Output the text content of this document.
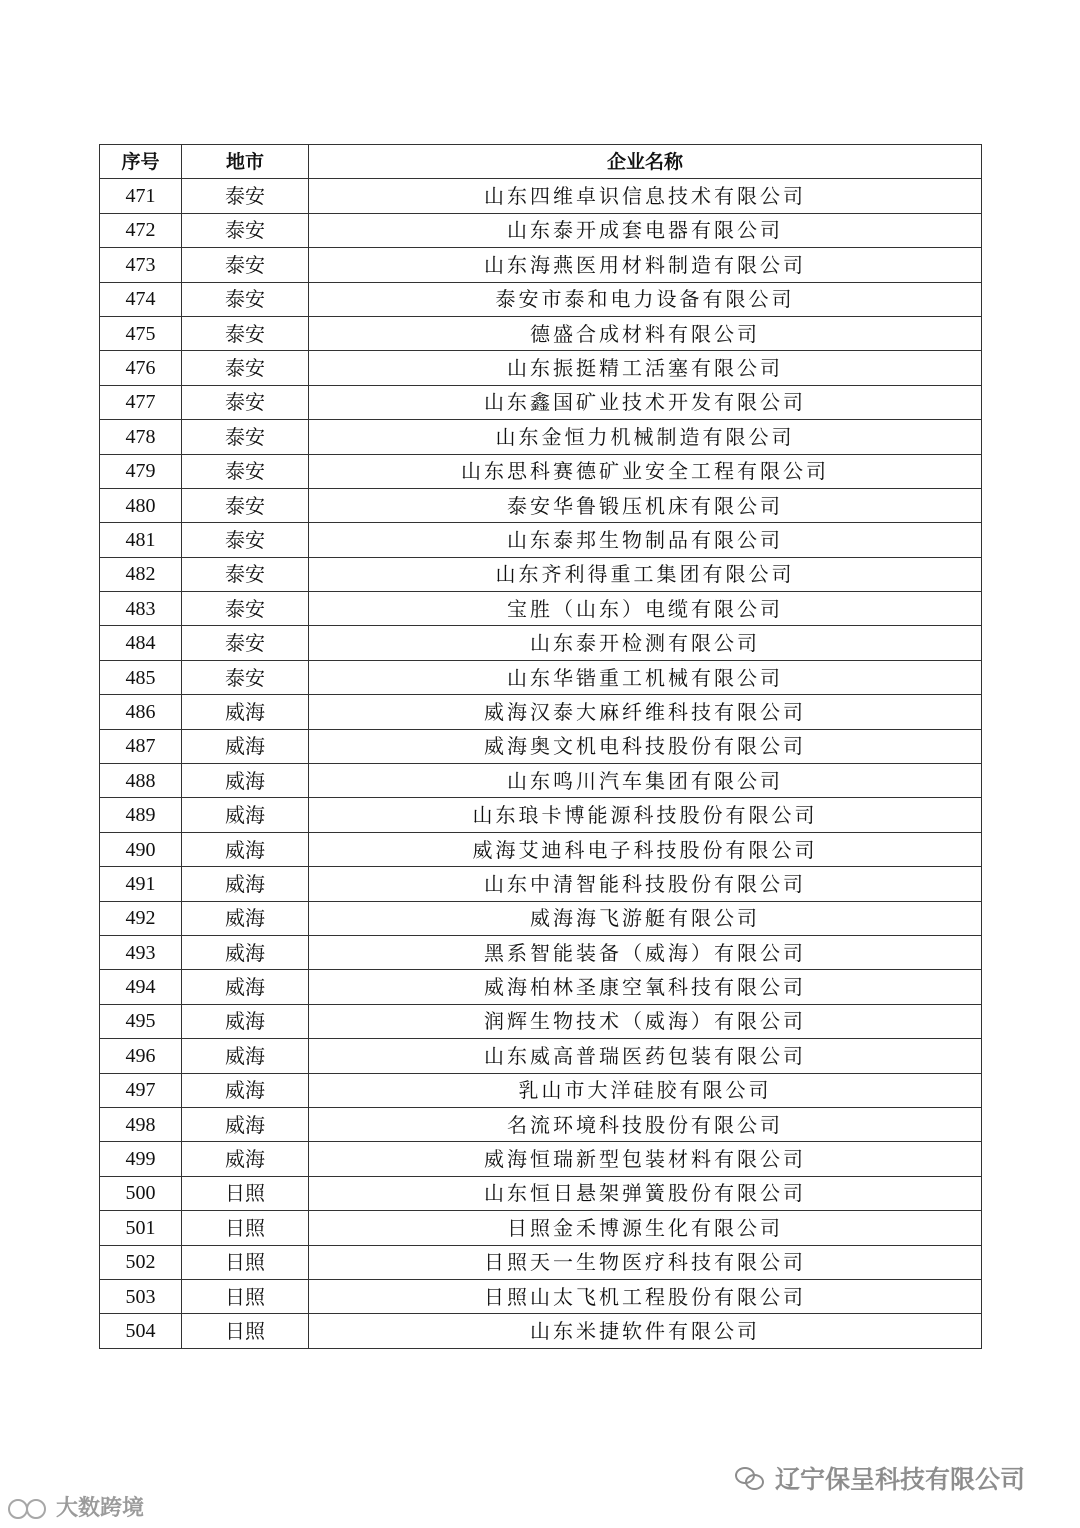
序号	地市	企业名称
471	泰安	山东四维卓识信息技术有限公司
472	泰安	山东泰开成套电器有限公司
473	泰安	山东海燕医用材料制造有限公司
474	泰安	泰安市泰和电力设备有限公司
475	泰安	德盛合成材料有限公司
476	泰安	山东振挺精工活塞有限公司
477	泰安	山东鑫国矿业技术开发有限公司
478	泰安	山东金恒力机械制造有限公司
479	泰安	山东思科赛德矿业安全工程有限公司
480	泰安	泰安华鲁锻压机床有限公司
481	泰安	山东泰邦生物制品有限公司
482	泰安	山东齐利得重工集团有限公司
483	泰安	宝胜（山东）电缆有限公司
484	泰安	山东泰开检测有限公司
485	泰安	山东华锴重工机械有限公司
486	威海	威海汉泰大麻纤维科技有限公司
487	威海	威海奥文机电科技股份有限公司
488	威海	山东鸣川汽车集团有限公司
489	威海	山东琅卡博能源科技股份有限公司
490	威海	威海艾迪科电子科技股份有限公司
491	威海	山东中清智能科技股份有限公司
492	威海	威海海飞游艇有限公司
493	威海	黑系智能装备（威海）有限公司
494	威海	威海柏林圣康空氧科技有限公司
495	威海	润辉生物技术（威海）有限公司
496	威海	山东威高普瑞医药包装有限公司
497	威海	乳山市大洋硅胶有限公司
498	威海	名流环境科技股份有限公司
499	威海	威海恒瑞新型包装材料有限公司
500	日照	山东恒日悬架弹簧股份有限公司
501	日照	日照金禾博源生化有限公司
502	日照	日照天一生物医疗科技有限公司
503	日照	日照山太飞机工程股份有限公司
504	日照	山东米捷软件有限公司
大数跨境
辽宁保呈科技有限公司
